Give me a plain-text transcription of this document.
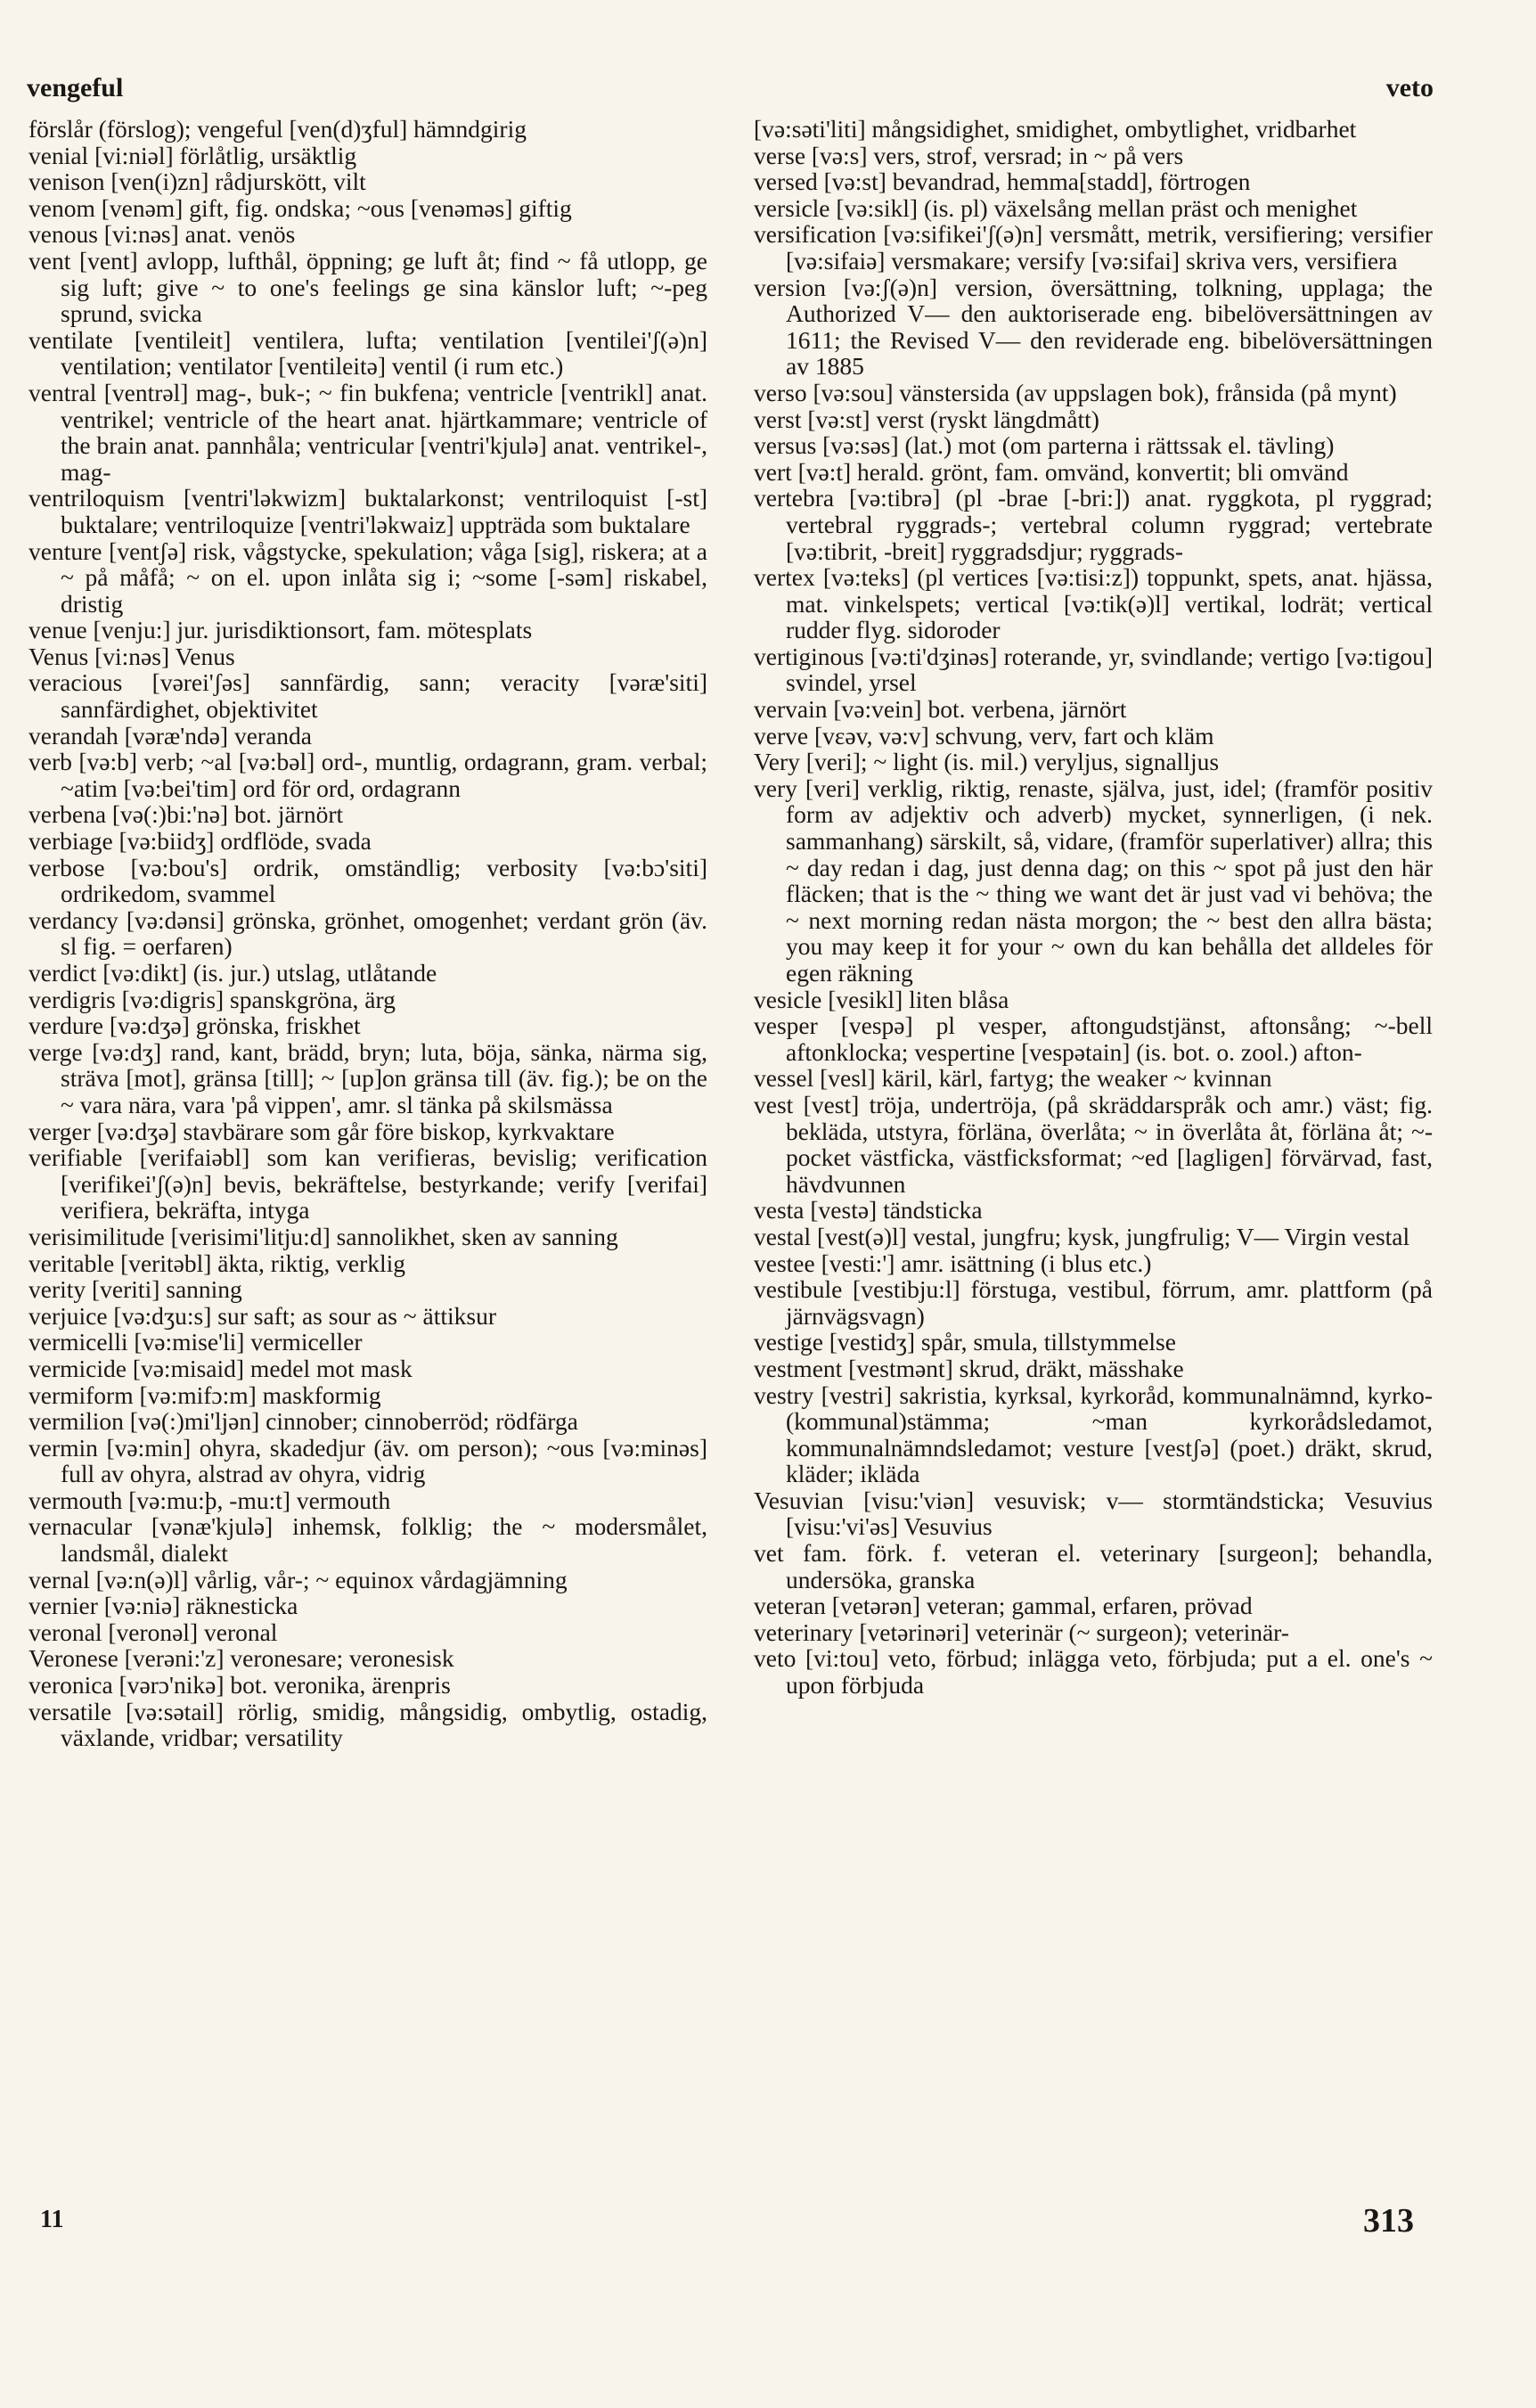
vengeful	veto

förslår (förslog); vengeful [ven(d)ʒful] hämndgirig

venial [vi:niəl] förlåtlig, ursäktlig

venison [ven(i)zn] rådjurskött, vilt

venom [venəm] gift, fig. ondska; ~ous [venəməs] giftig

venous [vi:nəs] anat. venös

vent [vent] avlopp, lufthål, öppning; ge luft åt; find ~ få utlopp, ge sig luft; give ~ to one's feelings ge sina känslor luft; ~-peg sprund, svicka

ventilate [ventileit] ventilera, lufta; ventilation [ventilei'ʃ(ə)n] ventilation; ventilator [ventileitə] ventil (i rum etc.)

ventral [ventrəl] mag-, buk-; ~ fin bukfena; ventricle [ventrikl] anat. ventrikel; ventricle of the heart anat. hjärtkammare; ventricle of the brain anat. pannhåla; ventricular [ventri'kjulə] anat. ventrikel-, mag-

ventriloquism [ventri'ləkwizm] buktalarkonst; ventriloquist [-st] buktalare; ventriloquize [ventri'ləkwaiz] uppträda som buktalare

venture [ventʃə] risk, vågstycke, spekulation; våga [sig], riskera; at a ~ på måfå; ~ on el. upon inlåta sig i; ~some [-səm] riskabel, dristig

venue [venju:] jur. jurisdiktionsort, fam. mötesplats

Venus [vi:nəs] Venus

veracious [vərei'ʃəs] sannfärdig, sann; veracity [vəræ'siti] sannfärdighet, objektivitet

verandah [vəræ'ndə] veranda

verb [və:b] verb; ~al [və:bəl] ord-, muntlig, ordagrann, gram. verbal; ~atim [və:bei'tim] ord för ord, ordagrann

verbena [və(:)bi:'nə] bot. järnört

verbiage [və:biidʒ] ordflöde, svada

verbose [və:bou's] ordrik, omständlig; verbosity [və:bɔ'siti] ordrikedom, svammel

verdancy [və:dənsi] grönska, grönhet, omogenhet; verdant grön (äv. sl fig. = oerfaren)

verdict [və:dikt] (is. jur.) utslag, utlåtande

verdigris [və:digris] spanskgröna, ärg

verdure [və:dʒə] grönska, friskhet

verge [və:dʒ] rand, kant, brädd, bryn; luta, böja, sänka, närma sig, sträva [mot], gränsa [till]; ~ [up]on gränsa till (äv. fig.); be on the ~ vara nära, vara 'på vippen', amr. sl tänka på skilsmässa

verger [və:dʒə] stavbärare som går före biskop, kyrkvaktare

verifiable [verifaiəbl] som kan verifieras, bevislig; verification [verifikei'ʃ(ə)n] bevis, bekräftelse, bestyrkande; verify [verifai] verifiera, bekräfta, intyga

verisimilitude [verisimi'litju:d] sannolikhet, sken av sanning

veritable [veritəbl] äkta, riktig, verklig

verity [veriti] sanning

verjuice [və:dʒu:s] sur saft; as sour as ~ ättiksur

vermicelli [və:mise'li] vermiceller

vermicide [və:misaid] medel mot mask

vermiform [və:mifɔ:m] maskformig

vermilion [və(:)mi'ljən] cinnober; cinnoberröd; rödfärga

vermin [və:min] ohyra, skadedjur (äv. om person); ~ous [və:minəs] full av ohyra, alstrad av ohyra, vidrig

vermouth [və:mu:þ, -mu:t] vermouth

vernacular [vənæ'kjulə] inhemsk, folklig; the ~ modersmålet, landsmål, dialekt

vernal [və:n(ə)l] vårlig, vår-; ~ equinox vårdagjämning

vernier [və:niə] räknesticka

veronal [veronəl] veronal

Veronese [verəni:'z] veronesare; veronesisk

veronica [vərɔ'nikə] bot. veronika, ärenpris

versatile [və:sətail] rörlig, smidig, mångsidig, ombytlig, ostadig, växlande, vridbar; versatility

[və:səti'liti] mångsidighet, smidighet, ombytlighet, vridbarhet

verse [və:s] vers, strof, versrad; in ~ på vers

versed [və:st] bevandrad, hemma[stadd], förtrogen

versicle [və:sikl] (is. pl) växelsång mellan präst och menighet

versification [və:sifikei'ʃ(ə)n] versmått, metrik, versifiering; versifier [və:sifaiə] versmakare; versify [və:sifai] skriva vers, versifiera

version [və:ʃ(ə)n] version, översättning, tolkning, upplaga; the Authorized V— den auktoriserade eng. bibelöversättningen av 1611; the Revised V— den reviderade eng. bibelöversättningen av 1885

verso [və:sou] vänstersida (av uppslagen bok), frånsida (på mynt)

verst [və:st] verst (ryskt längdmått)

versus [və:səs] (lat.) mot (om parterna i rättssak el. tävling)

vert [və:t] herald. grönt, fam. omvänd, konvertit; bli omvänd

vertebra [və:tibrə] (pl -brae [-bri:]) anat. ryggkota, pl ryggrad; vertebral ryggrads-; vertebral column ryggrad; vertebrate [və:tibrit, -breit] ryggradsdjur; ryggrads-

vertex [və:teks] (pl vertices [və:tisi:z]) toppunkt, spets, anat. hjässa, mat. vinkelspets; vertical [və:tik(ə)l] vertikal, lodrät; vertical rudder flyg. sidoroder

vertiginous [və:ti'dʒinəs] roterande, yr, svindlande; vertigo [və:tigou] svindel, yrsel

vervain [və:vein] bot. verbena, järnört

verve [vɛəv, və:v] schvung, verv, fart och kläm

Very [veri]; ~ light (is. mil.) veryljus, signalljus

very [veri] verklig, riktig, renaste, själva, just, idel; (framför positiv form av adjektiv och adverb) mycket, synnerligen, (i nek. sammanhang) särskilt, så, vidare, (framför superlativer) allra; this ~ day redan i dag, just denna dag; on this ~ spot på just den här fläcken; that is the ~ thing we want det är just vad vi behöva; the ~ next morning redan nästa morgon; the ~ best den allra bästa; you may keep it for your ~ own du kan behålla det alldeles för egen räkning

vesicle [vesikl] liten blåsa

vesper [vespə] pl vesper, aftongudstjänst, aftonsång; ~-bell aftonklocka; vespertine [vespətain] (is. bot. o. zool.) afton-

vessel [vesl] käril, kärl, fartyg; the weaker ~ kvinnan

vest [vest] tröja, undertröja, (på skräddarspråk och amr.) väst; fig. bekläda, utstyra, förläna, överlåta; ~ in överlåta åt, förläna åt; ~-pocket västficka, västficksformat; ~ed [lagligen] förvärvad, fast, hävdvunnen

vesta [vestə] tändsticka

vestal [vest(ə)l] vestal, jungfru; kysk, jungfrulig; V— Virgin vestal

vestee [vesti:'] amr. isättning (i blus etc.)

vestibule [vestibju:l] förstuga, vestibul, förrum, amr. plattform (på järnvägsvagn)

vestige [vestidʒ] spår, smula, tillstymmelse

vestment [vestmənt] skrud, dräkt, mässhake

vestry [vestri] sakristia, kyrksal, kyrkoråd, kommunalnämnd, kyrko- (kommunal)stämma; ~man kyrkorådsledamot, kommunalnämndsledamot; vesture [vestʃə] (poet.) dräkt, skrud, kläder; ikläda

Vesuvian [visu:'viən] vesuvisk; v— stormtändsticka; Vesuvius [visu:'vi'əs] Vesuvius

vet fam. förk. f. veteran el. veterinary [surgeon]; behandla, undersöka, granska

veteran [vetərən] veteran; gammal, erfaren, prövad

veterinary [vetərinəri] veterinär (~ surgeon); veterinär-

veto [vi:tou] veto, förbud; inlägga veto, förbjuda; put a el. one's ~ upon förbjuda

11	313
